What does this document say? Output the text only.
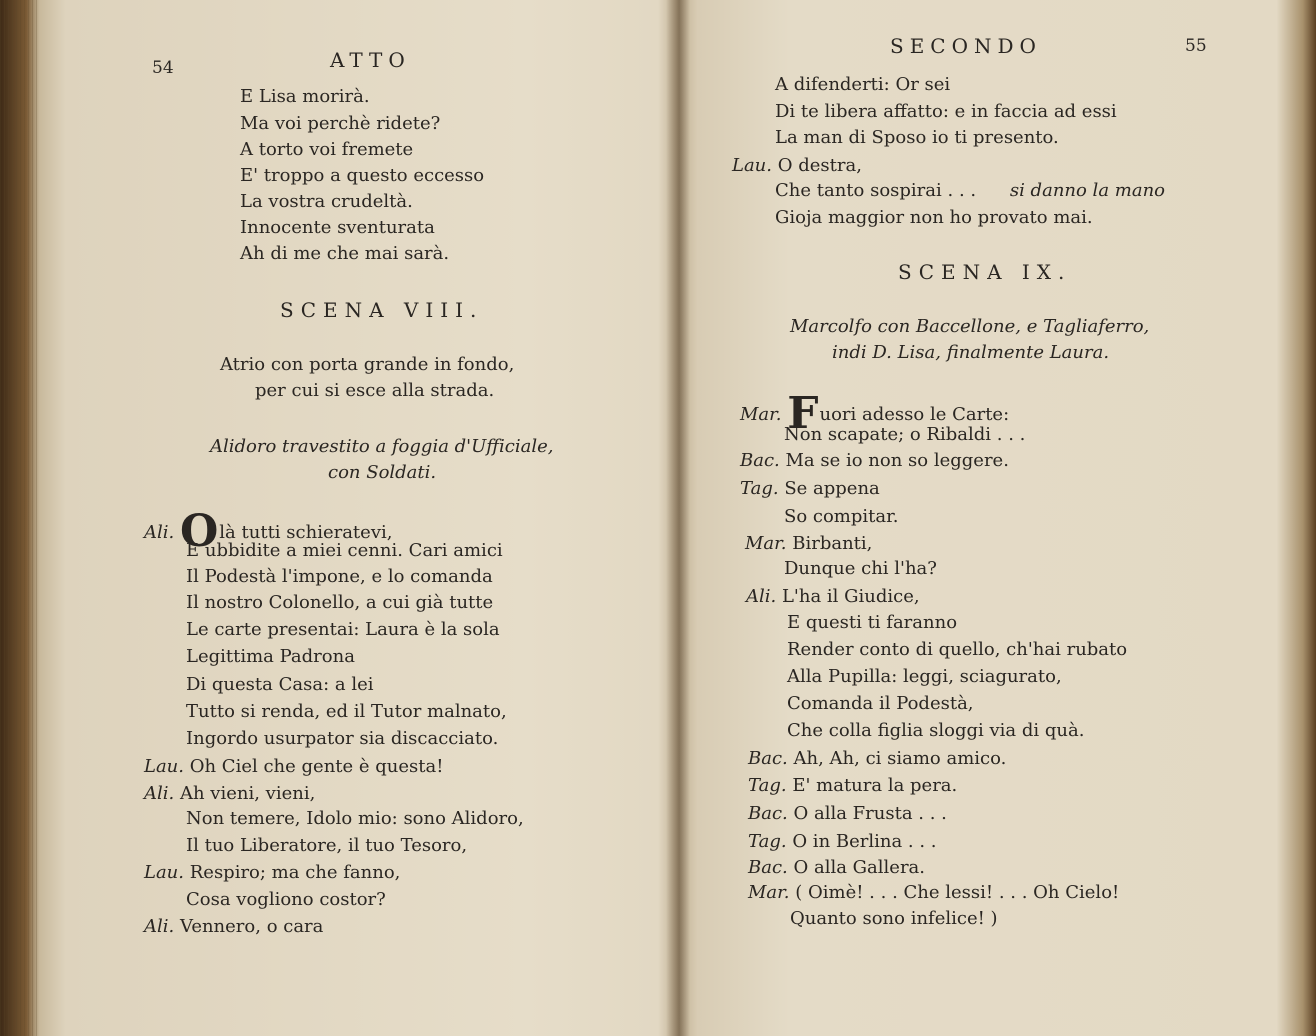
54	ATTO
E Lisa morirà.
Ma voi perchè ridete?
A torto voi fremete
E' troppo a questo eccesso
La vostra crudeltà.
Innocente sventurata
Ah di me che mai sarà.
SCENA VIII.
Atrio con porta grande in fondo,
per cui si esce alla strada.
Alidoro travestito a foggia d'Ufficiale,
con Soldati.
Ali. Olà tutti schieratevi,
E ubbidite a miei cenni. Cari amici
Il Podestà l'impone, e lo comanda
Il nostro Colonello, a cui già tutte
Le carte presentai: Laura è la sola
Legittima Padrona
Di questa Casa: a lei
Tutto si renda, ed il Tutor malnato,
Ingordo usurpator sia discacciato.
Lau. Oh Ciel che gente è questa!
Ali. Ah vieni, vieni,
Non temere, Idolo mio: sono Alidoro,
Il tuo Liberatore, il tuo Tesoro,
Lau. Respiro; ma che fanno,
Cosa vogliono costor?
Ali. Vennero, o cara
SECONDO	55
A difenderti: Or sei
Di te libera affatto: e in faccia ad essi
La man di Sposo io ti presento.
Lau. O destra,
Che tanto sospirai . . . si danno la mano
Gioja maggior non ho provato mai.
SCENA IX.
Marcolfo con Baccellone, e Tagliaferro,
indi D. Lisa, finalmente Laura.
Mar. Fuori adesso le Carte:
Non scapate; o Ribaldi . . .
Bac. Ma se io non so leggere.
Tag. Se appena
So compitar.
Mar. Birbanti,
Dunque chi l'ha?
Ali. L'ha il Giudice,
E questi ti faranno
Render conto di quello, ch'hai rubato
Alla Pupilla: leggi, sciagurato,
Comanda il Podestà,
Che colla figlia sloggi via di quà.
Bac. Ah, Ah, ci siamo amico.
Tag. E' matura la pera.
Bac. O alla Frusta . . .
Tag. O in Berlina . . .
Bac. O alla Gallera.
Mar. ( Oimè! . . . Che lessi! . . . Oh Cielo!
Quanto sono infelice! )
